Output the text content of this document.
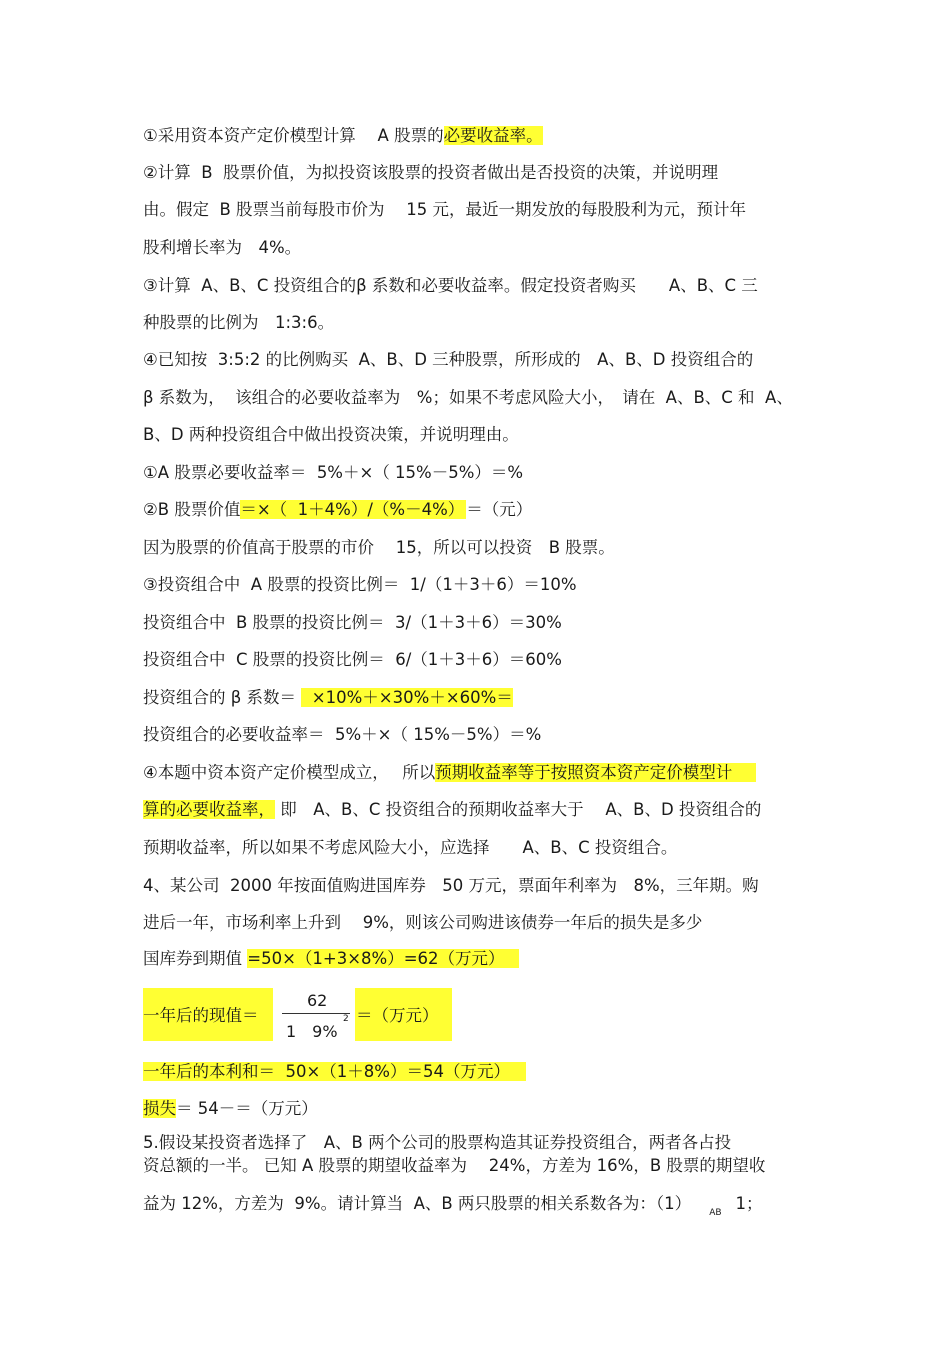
①采用资本资产定价模型计算　 A 股票的必要收益率。
②计算  B  股票价值，为拟投资该股票的投资者做出是否投资的决策，并说明理
由。假定  B 股票当前每股市价为　 15 元，最近一期发放的每股股利为元，预计年
股利增长率为　4%。
③计算  A、B、C 投资组合的β 系数和必要收益率。假定投资者购买　　A、B、C 三
种股票的比例为　1:3:6。
④已知按  3:5:2 的比例购买  A、B、D 三种股票，所形成的　A、B、D 投资组合的
β 系数为，  该组合的必要收益率为　%；如果不考虑风险大小，　请在  A、B、C 和  A、
B、D 两种投资组合中做出投资决策，并说明理由。
①A 股票必要收益率＝  5%＋×（ 15%－5%）＝%
②B 股票价值＝×（  1＋4%）/（%－4%） ＝（元）
因为股票的价值高于股票的市价　 15，所以可以投资　B 股票。
③投资组合中  A 股票的投资比例＝  1/（1＋3＋6）＝10%
投资组合中  B 股票的投资比例＝  3/（1＋3＋6）＝30%
投资组合中  C 股票的投资比例＝  6/（1＋3＋6）＝60%
投资组合的 β 系数＝   ×10%＋×30%＋×60%＝
投资组合的必要收益率＝  5%＋×（ 15%－5%）＝%
④本题中资本资产定价模型成立，　 所以预期收益率等于按照资本资产定价模型计
算的必要收益率， 即　A、B、C 投资组合的预期收益率大于　 A、B、D 投资组合的
预期收益率，所以如果不考虑风险大小，应选择　　A、B、C 投资组合。
4、某公司  2000 年按面值购进国库券　50 万元，票面年利率为　8%，三年期。购
进后一年，市场利率上升到　 9%，则该公司购进该债券一年后的损失是多少
国库券到期值 =50×（1+3×8%）=62（万元）
一年后的现值＝
62
1　9%
2 ＝（万元）
一年后的本利和＝  50×（1＋8%）＝54（万元）
损失＝ 54－＝（万元）
5.假设某投资者选择了　A、B 两个公司的股票构造其证券投资组合，两者各占投
资总额的一半。 已知 A 股票的期望收益率为　 24%，方差为 16%，B 股票的期望收
益为 12%，方差为  9%。请计算当  A、B 两只股票的相关系数各为：（1） $_{AB}$ 1；
